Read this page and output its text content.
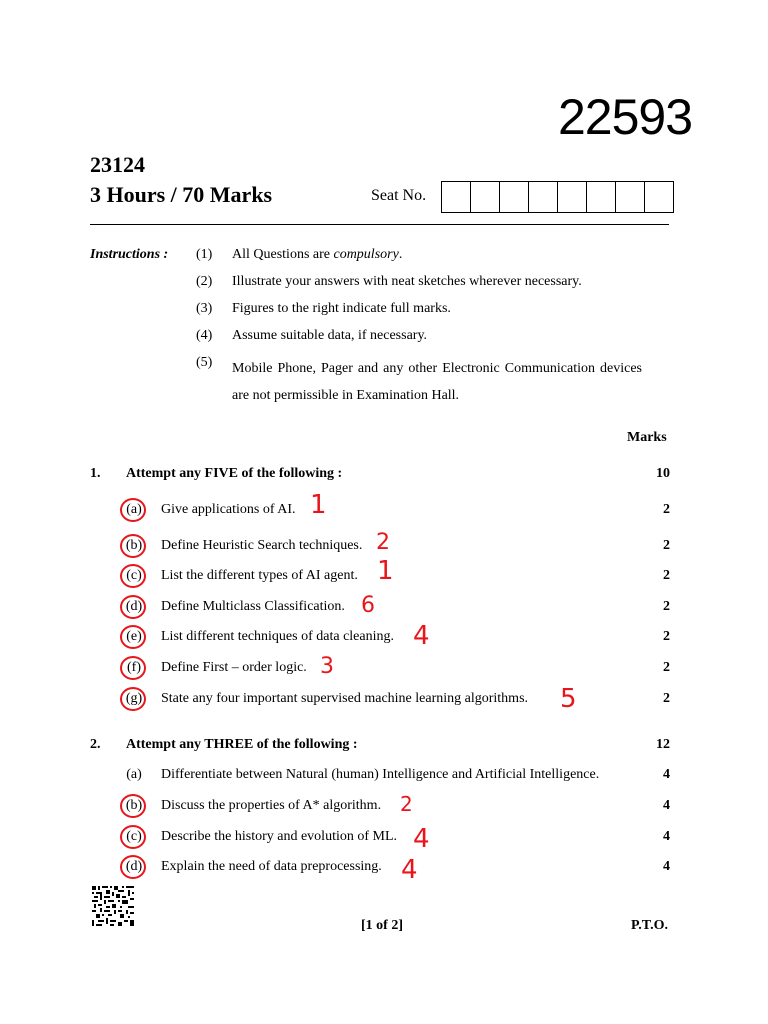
22593
23124
3 Hours / 70 Marks	Seat No.
Instructions : (1) All Questions are compulsory.
(2) Illustrate your answers with neat sketches wherever necessary.
(3) Figures to the right indicate full marks.
(4) Assume suitable data, if necessary.
(5) Mobile Phone, Pager and any other Electronic Communication devices are not permissible in Examination Hall.
Marks
1. Attempt any FIVE of the following :	10
(a) Give applications of AI. 1	2
(b) Define Heuristic Search techniques. 2	2
(c) List the different types of AI agent. 1	2
(d) Define Multiclass Classification. 6	2
(e) List different techniques of data cleaning. 4	2
(f) Define First – order logic. 3	2
(g) State any four important supervised machine learning algorithms. 5	2
2. Attempt any THREE of the following :	12
(a) Differentiate between Natural (human) Intelligence and Artificial Intelligence.	4
(b) Discuss the properties of A* algorithm. 2	4
(c) Describe the history and evolution of ML. 4	4
(d) Explain the need of data preprocessing. 4	4
[1 of 2]	P.T.O.
